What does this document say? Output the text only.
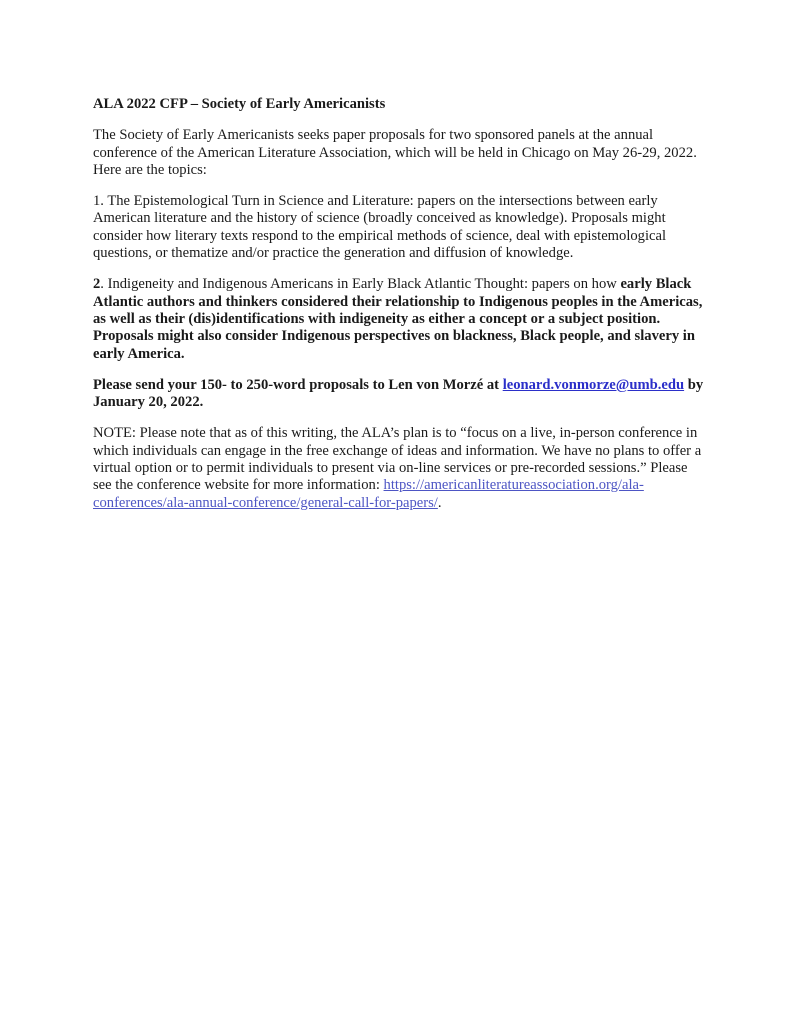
ALA 2022 CFP – Society of Early Americanists

The Society of Early Americanists seeks paper proposals for two sponsored panels at the annual conference of the American Literature Association, which will be held in Chicago on May 26-29, 2022. Here are the topics:

1. The Epistemological Turn in Science and Literature: papers on the intersections between early American literature and the history of science (broadly conceived as knowledge). Proposals might consider how literary texts respond to the empirical methods of science, deal with epistemological questions, or thematize and/or practice the generation and diffusion of knowledge.

2. Indigeneity and Indigenous Americans in Early Black Atlantic Thought: papers on how early Black Atlantic authors and thinkers considered their relationship to Indigenous peoples in the Americas, as well as their (dis)identifications with indigeneity as either a concept or a subject position. Proposals might also consider Indigenous perspectives on blackness, Black people, and slavery in early America.

Please send your 150- to 250-word proposals to Len von Morzé at leonard.vonmorze@umb.edu by January 20, 2022.

NOTE: Please note that as of this writing, the ALA’s plan is to “focus on a live, in-person conference in which individuals can engage in the free exchange of ideas and information. We have no plans to offer a virtual option or to permit individuals to present via on-line services or pre-recorded sessions.” Please see the conference website for more information: https://americanliteratureassociation.org/ala-conferences/ala-annual-conference/general-call-for-papers/.
